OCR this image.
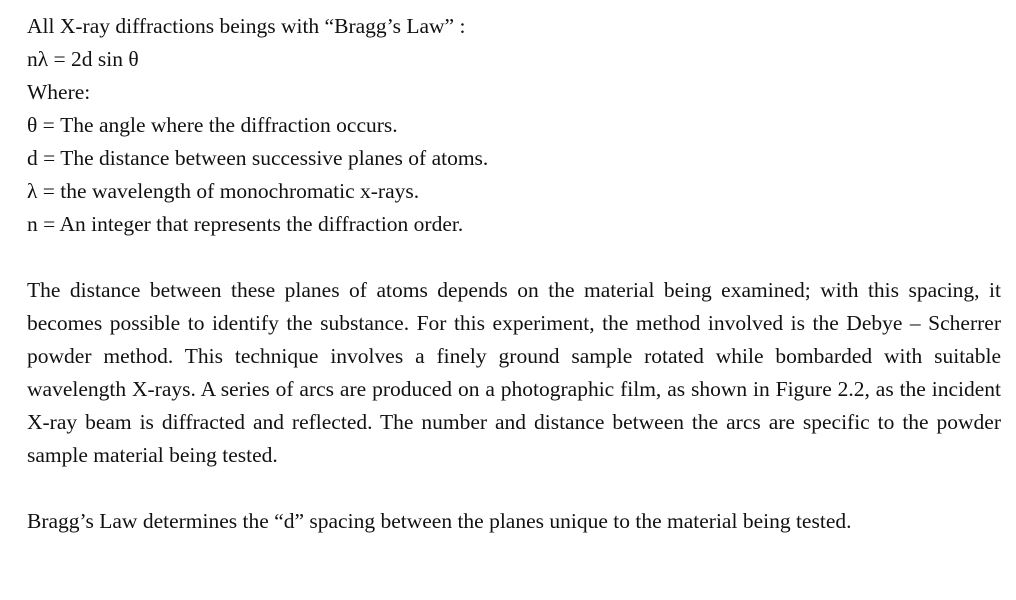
All X-ray diffractions beings with “Bragg’s Law” :
nλ = 2d sin θ
Where:
θ = The angle where the diffraction occurs.
d = The distance between successive planes of atoms.
λ = the wavelength of monochromatic x-rays.
n = An integer that represents the diffraction order.

The distance between these planes of atoms depends on the material being examined; with this spacing, it becomes possible to identify the substance. For this experiment, the method involved is the Debye – Scherrer powder method. This technique involves a finely ground sample rotated while bombarded with suitable wavelength X-rays. A series of arcs are produced on a photographic film, as shown in Figure 2.2, as the incident X-ray beam is diffracted and reflected. The number and distance between the arcs are specific to the powder sample material being tested.

Bragg’s Law determines the “d” spacing between the planes unique to the material being tested.
